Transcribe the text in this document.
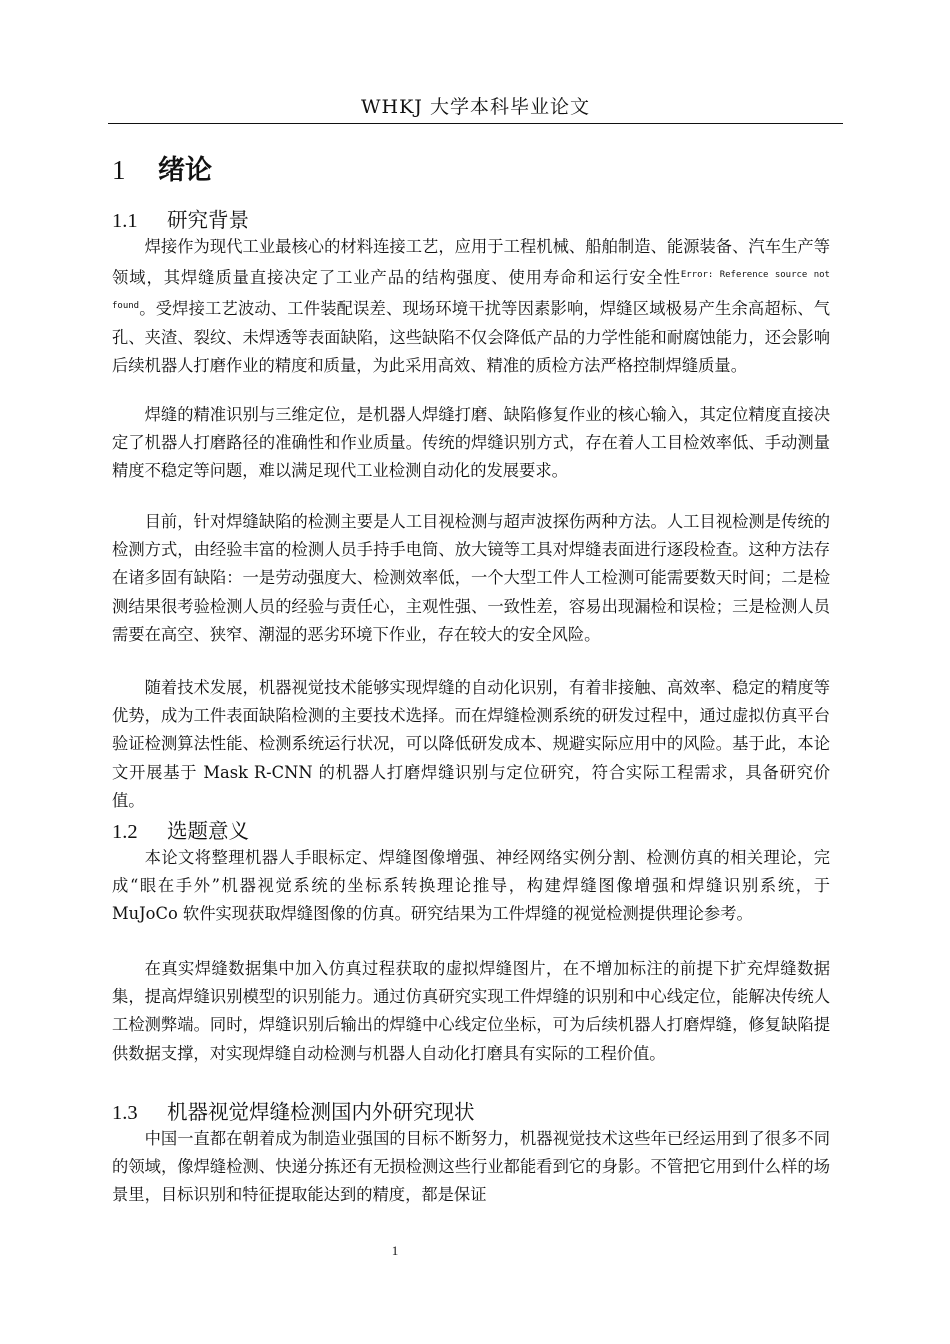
WHKJ 大学本科毕业论文
1 绪论
1.1 研究背景

焊接作为现代工业最核心的材料连接工艺，应用于工程机械、船舶制造、能源装备、汽车生产等领域，其焊缝质量直接决定了工业产品的结构强度、使用寿命和运行安全性$^{Error: Reference source not found}$。受焊接工艺波动、工件装配误差、现场环境干扰等因素影响，焊缝区域极易产生余高超标、气孔、夹渣、裂纹、未焊透等表面缺陷，这些缺陷不仅会降低产品的力学性能和耐腐蚀能力，还会影响后续机器人打磨作业的精度和质量，为此采用高效、精准的质检方法严格控制焊缝质量。

焊缝的精准识别与三维定位，是机器人焊缝打磨、缺陷修复作业的核心输入，其定位精度直接决定了机器人打磨路径的准确性和作业质量。传统的焊缝识别方式，存在着人工目检效率低、手动测量精度不稳定等问题，难以满足现代工业检测自动化的发展要求。

目前，针对焊缝缺陷的检测主要是人工目视检测与超声波探伤两种方法。人工目视检测是传统的检测方式，由经验丰富的检测人员手持手电筒、放大镜等工具对焊缝表面进行逐段检查。这种方法存在诸多固有缺陷：一是劳动强度大、检测效率低，一个大型工件人工检测可能需要数天时间；二是检测结果很考验检测人员的经验与责任心，主观性强、一致性差，容易出现漏检和误检；三是检测人员需要在高空、狭窄、潮湿的恶劣环境下作业，存在较大的安全风险。

随着技术发展，机器视觉技术能够实现焊缝的自动化识别，有着非接触、高效率、稳定的精度等优势，成为工件表面缺陷检测的主要技术选择。而在焊缝检测系统的研发过程中，通过虚拟仿真平台验证检测算法性能、检测系统运行状况，可以降低研发成本、规避实际应用中的风险。基于此，本论文开展基于 Mask R-CNN 的机器人打磨焊缝识别与定位研究，符合实际工程需求，具备研究价值。

1.2 选题意义

本论文将整理机器人手眼标定、焊缝图像增强、神经网络实例分割、检测仿真的相关理论，完成“眼在手外”机器视觉系统的坐标系转换理论推导，构建焊缝图像增强和焊缝识别系统，于 MuJoCo 软件实现获取焊缝图像的仿真。研究结果为工件焊缝的视觉检测提供理论参考。

在真实焊缝数据集中加入仿真过程获取的虚拟焊缝图片，在不增加标注的前提下扩充焊缝数据集，提高焊缝识别模型的识别能力。通过仿真研究实现工件焊缝的识别和中心线定位，能解决传统人工检测弊端。同时，焊缝识别后输出的焊缝中心线定位坐标，可为后续机器人打磨焊缝，修复缺陷提供数据支撑，对实现焊缝自动检测与机器人自动化打磨具有实际的工程价值。

1.3 机器视觉焊缝检测国内外研究现状

中国一直都在朝着成为制造业强国的目标不断努力，机器视觉技术这些年已经运用到了很多不同的领域，像焊缝检测、快递分拣还有无损检测这些行业都能看到它的身影。不管把它用到什么样的场景里，目标识别和特征提取能达到的精度，都是保证

1
